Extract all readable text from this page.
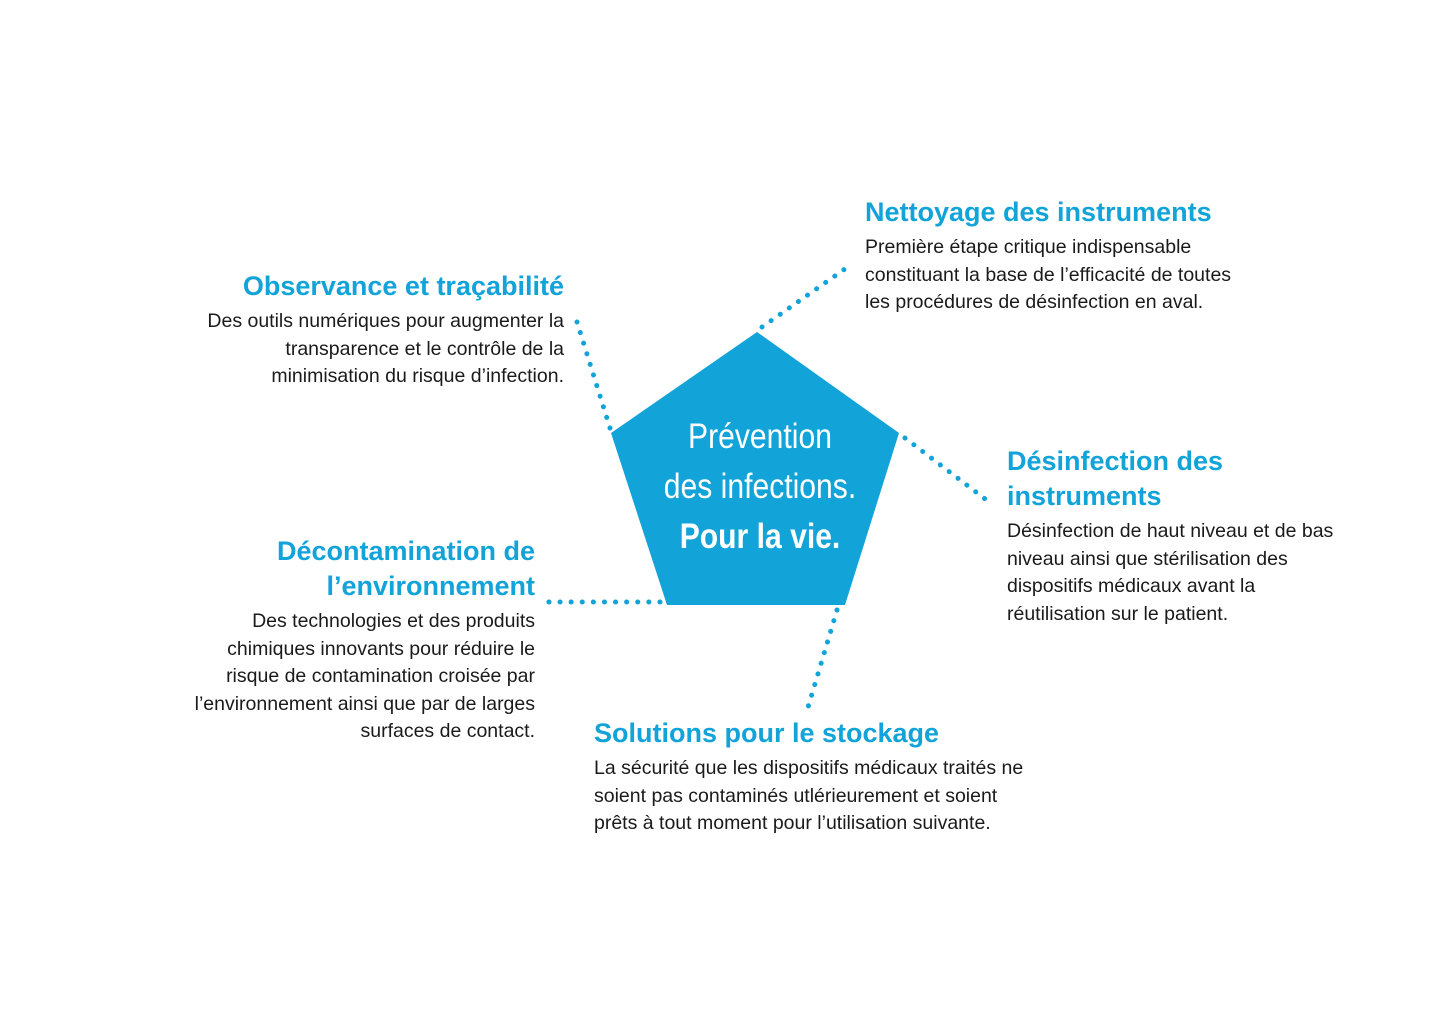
Prévention
des infections.
Pour la vie.
Nettoyage des instruments

Première étape critique indispensable
constituant la base de l’efficacité de toutes
les procédures de désinfection en aval.

Observance et traçabilité

Des outils numériques pour augmenter la
transparence et le contrôle de la
minimisation du risque d’infection.

Désinfection des
instruments

Désinfection de haut niveau et de bas
niveau ainsi que stérilisation des
dispositifs médicaux avant la
réutilisation sur le patient.

Décontamination de
l’environnement

Des technologies et des produits
chimiques innovants pour réduire le
risque de contamination croisée par
l’environnement ainsi que par de larges
surfaces de contact. Solutions pour le stockage

La sécurité que les dispositifs médicaux traités ne
soient pas contaminés utlérieurement et soient
prêts à tout moment pour l’utilisation suivante.
